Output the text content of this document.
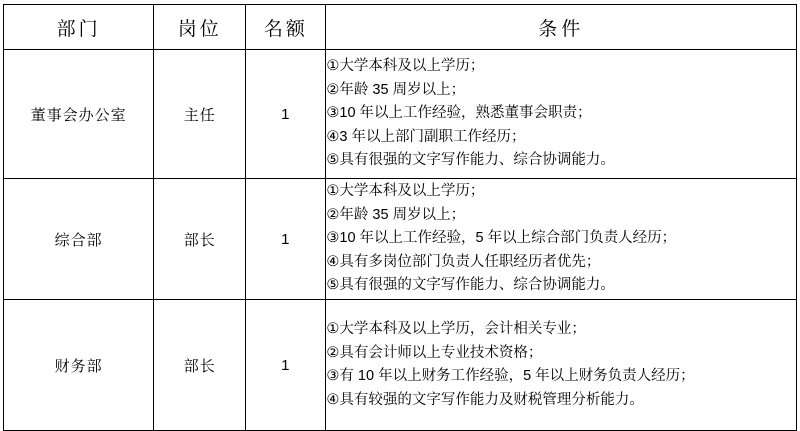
部门	岗位	名额	条件
董事会办公室	主任	1	①大学本科及以上学历；
②年龄 35 周岁以上；
③10 年以上工作经验，熟悉董事会职责；
④3 年以上部门副职工作经历；
⑤具有很强的文字写作能力、综合协调能力。

综合部	部长	1	①大学本科及以上学历；
②年龄 35 周岁以上；
③10 年以上工作经验，5 年以上综合部门负责人经历；
④具有多岗位部门负责人任职经历者优先；
⑤具有很强的文字写作能力、综合协调能力。

财务部	部长	1	①大学本科及以上学历，会计相关专业；
②具有会计师以上专业技术资格；
③有 10 年以上财务工作经验，5 年以上财务负责人经历；
④具有较强的文字写作能力及财税管理分析能力。
